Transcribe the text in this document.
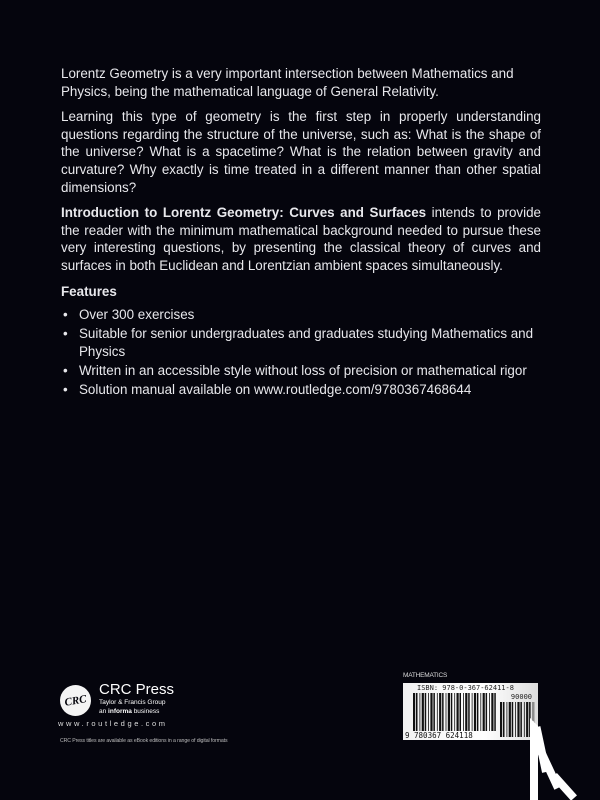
Lorentz Geometry is a very important intersection between Mathematics and Physics, being the mathematical language of General Relativity.

Learning this type of geometry is the first step in properly understanding questions regarding the structure of the universe, such as: What is the shape of the universe? What is a spacetime? What is the relation between gravity and curvature? Why exactly is time treated in a different manner than other spatial dimensions?

Introduction to Lorentz Geometry: Curves and Surfaces intends to provide the reader with the minimum mathematical background needed to pursue these very interesting questions, by presenting the classical theory of curves and surfaces in both Euclidean and Lorentzian ambient spaces simultaneously.

Features
• Over 300 exercises
• Suitable for senior undergraduates and graduates studying Mathematics and Physics
• Written in an accessible style without loss of precision or mathematical rigor
• Solution manual available on www.routledge.com/9780367468644
CRC
CRC Press
Taylor & Francis Group
an informa business
www.routledge.com
CRC Press titles are available as eBook editions in a range of digital formats
MATHEMATICS
ISBN: 978-0-367-62411-8
90000
9 780367 624118
